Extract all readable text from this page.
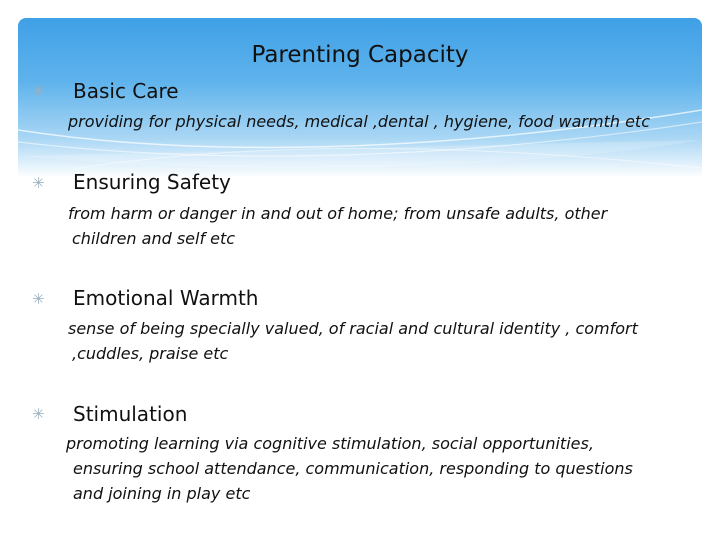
Parenting Capacity
✳ Basic Care
providing for physical needs, medical ,dental , hygiene, food warmth etc
✳ Ensuring Safety
from harm or danger in and out of home; from unsafe adults, other
children and self etc
✳ Emotional Warmth
sense of being specially valued, of racial and cultural identity , comfort
,cuddles, praise etc
✳ Stimulation
promoting learning via cognitive stimulation, social opportunities,
ensuring school attendance, communication, responding to questions
and joining in play etc
